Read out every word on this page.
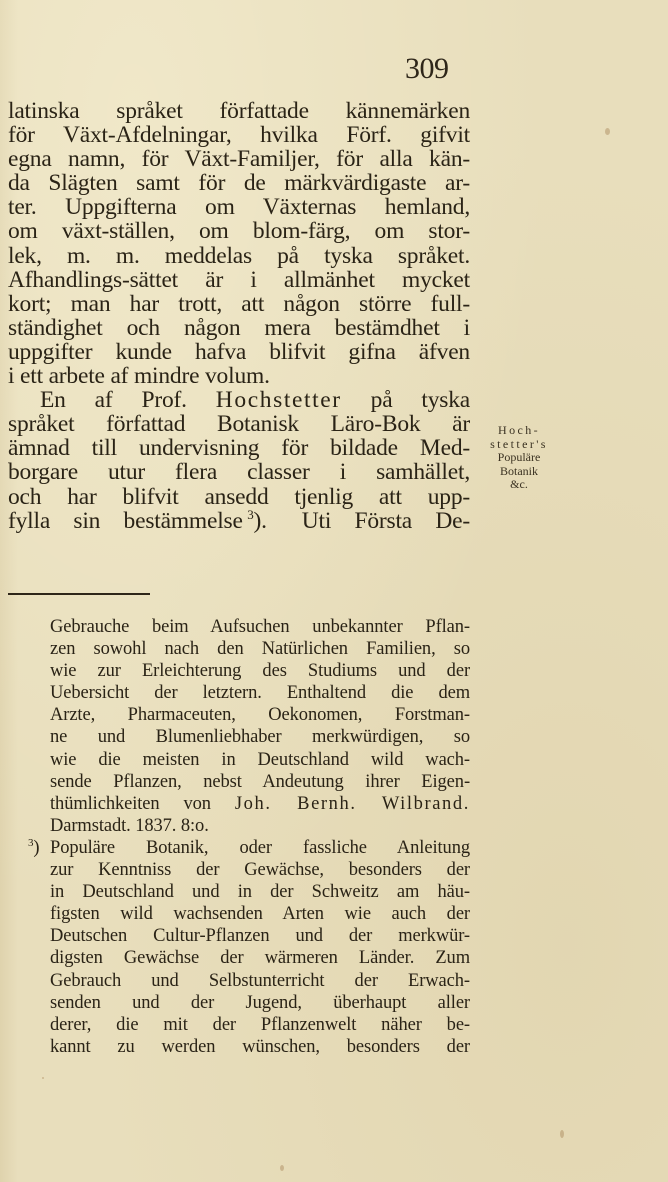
309
latinska språket författade kännemärken
för Växt-Afdelningar, hvilka Förf. gifvit
egna namn, för Växt-Familjer, för alla kän-
da Slägten samt för de märkvärdigaste ar-
ter. Uppgifterna om Växternas hemland,
om växt-ställen, om blom-färg, om stor-
lek, m. m. meddelas på tyska språket.
Afhandlings-sättet är i allmänhet mycket
kort; man har trott, att någon större full-
ständighet och någon mera bestämdhet i
uppgifter kunde hafva blifvit gifna äfven
i ett arbete af mindre volum.
En af Prof. Hochstetter på tyska
språket författad Botanisk Läro-Bok är
ämnad till undervisning för bildade Med-
borgare utur flera classer i samhället,
och har blifvit ansedd tjenlig att upp-
fylla sin bestämmelse  $^3$).   Uti Första De-
Hoch-
stetter's
Populäre
Botanik
&c.
Gebrauche beim Aufsuchen unbekannter Pflan-
zen sowohl nach den Natürlichen Familien, so
wie zur Erleichterung des Studiums und der
Uebersicht der letztern. Enthaltend die dem
Arzte, Pharmaceuten, Oekonomen, Forstman-
ne und Blumenliebhaber merkwürdigen, so
wie die meisten in Deutschland wild wach-
sende Pflanzen, nebst Andeutung ihrer Eigen-
thümlichkeiten von Joh. Bernh. Wilbrand.
Darmstadt. 1837. 8:o.
$^3$) Populäre Botanik, oder fassliche Anleitung
zur Kenntniss der Gewächse, besonders der
in Deutschland und in der Schweitz am häu-
figsten wild wachsenden Arten wie auch der
Deutschen Cultur-Pflanzen und der merkwür-
digsten Gewächse der wärmeren Länder. Zum
Gebrauch und Selbstunterricht der Erwach-
senden und der Jugend, überhaupt aller
derer, die mit der Pflanzenwelt näher be-
kannt zu werden wünschen, besonders der
